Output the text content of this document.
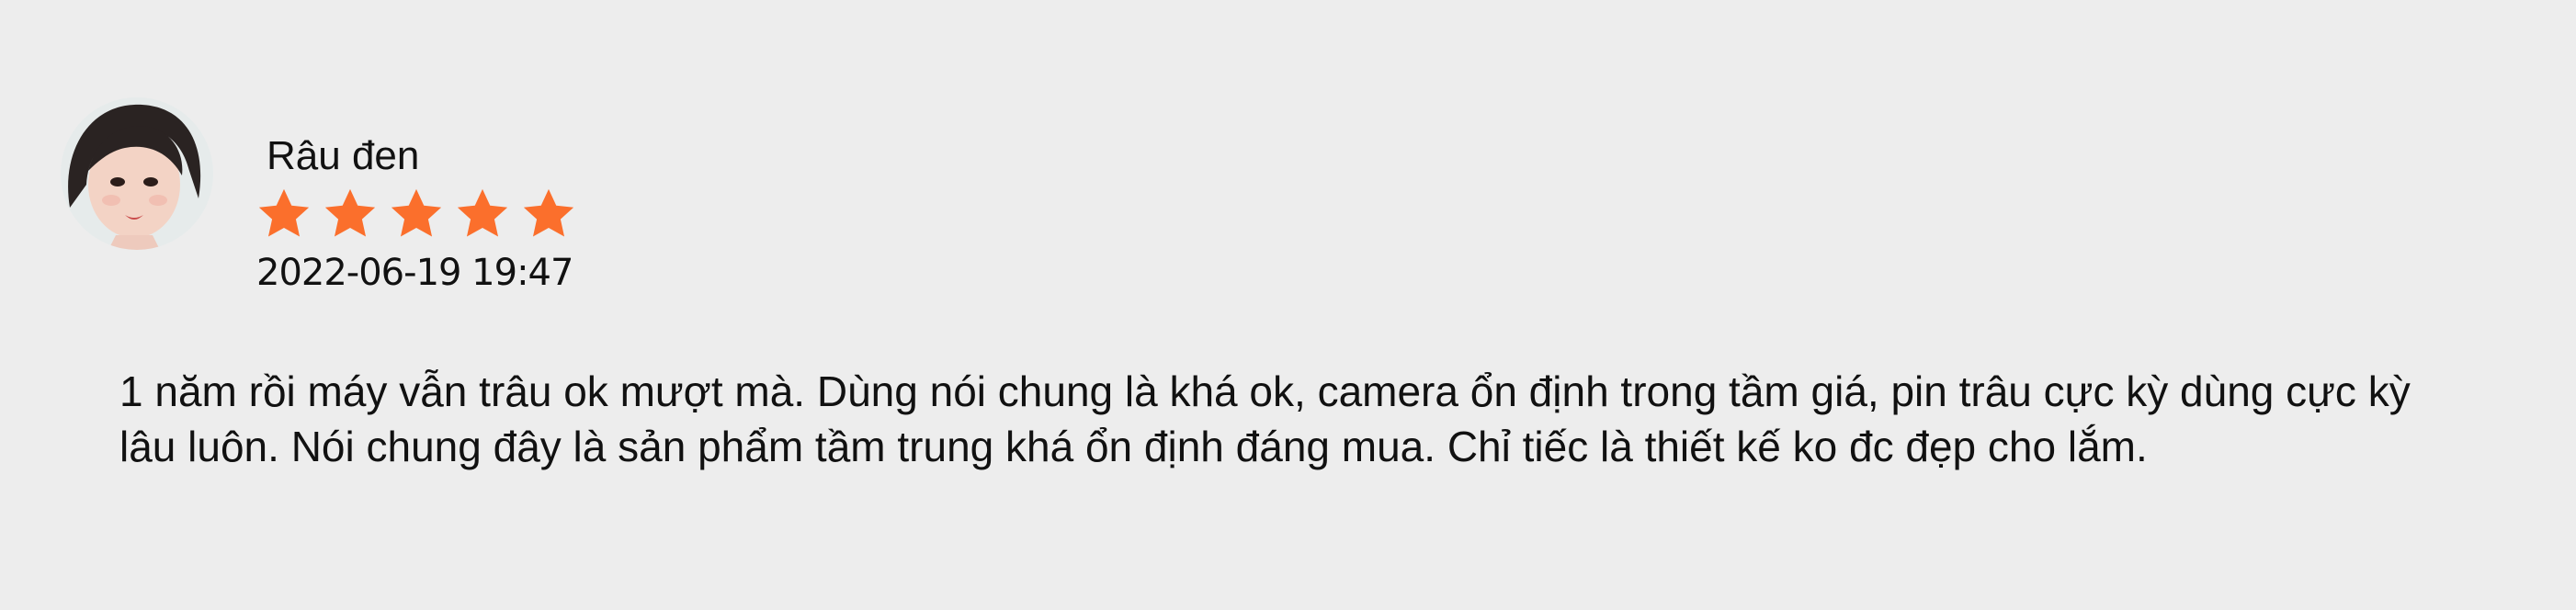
Râu đen
2022-06-19 19:47

1 năm rồi máy vẫn trâu ok mượt mà. Dùng nói chung là khá ok, camera ổn định trong tầm giá, pin trâu cực kỳ dùng cực kỳ lâu luôn. Nói chung đây là sản phẩm tầm trung khá ổn định đáng mua. Chỉ tiếc là thiết kế ko đc đẹp cho lắm.
